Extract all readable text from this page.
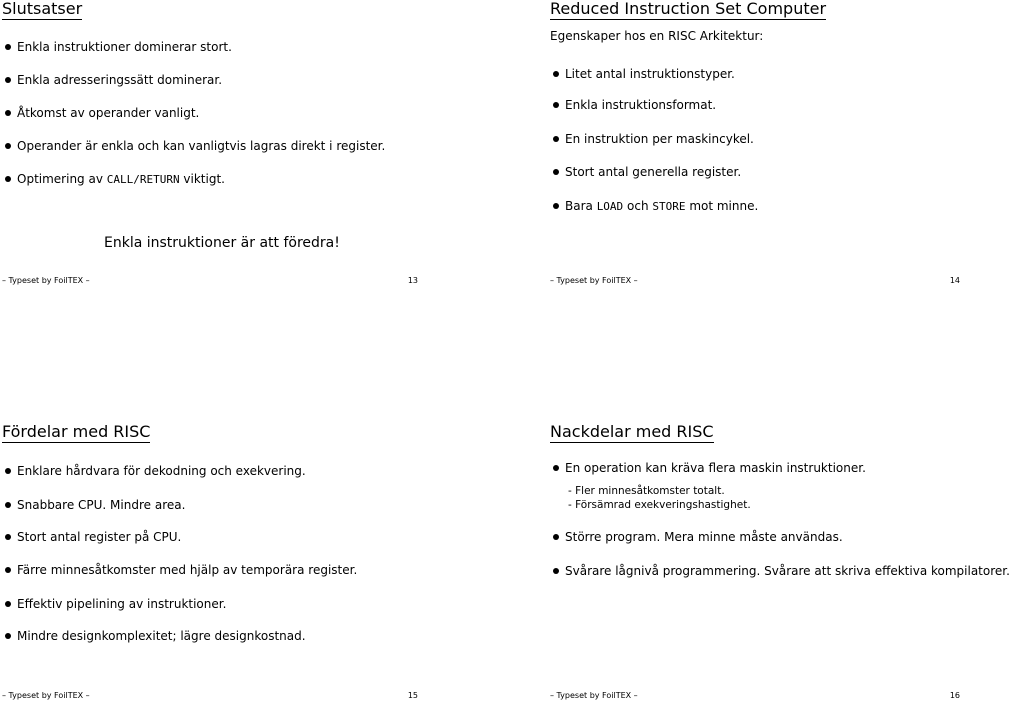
Slutsatser
Enkla instruktioner dominerar stort.
Enkla adresseringssätt dominerar.
Åtkomst av operander vanligt.
Operander är enkla och kan vanligtvis lagras direkt i register.
Optimering av CALL/RETURN viktigt.
Enkla instruktioner är att föredra!
– Typeset by FoilTEX –	13
Reduced Instruction Set Computer
Egenskaper hos en RISC Arkitektur:
Litet antal instruktionstyper.
Enkla instruktionsformat.
En instruktion per maskincykel.
Stort antal generella register.
Bara LOAD och STORE mot minne.
– Typeset by FoilTEX –	14
Fördelar med RISC
Enklare hårdvara för dekodning och exekvering.
Snabbare CPU. Mindre area.
Stort antal register på CPU.
Färre minnesåtkomster med hjälp av temporära register.
Effektiv pipelining av instruktioner.
Mindre designkomplexitet; lägre designkostnad.
– Typeset by FoilTEX –	15
Nackdelar med RISC
En operation kan kräva flera maskin instruktioner.
- Fler minnesåtkomster totalt.
- Försämrad exekveringshastighet.
Större program. Mera minne måste användas.
Svårare lågnivå programmering. Svårare att skriva effektiva kompilatorer.
– Typeset by FoilTEX –	16
